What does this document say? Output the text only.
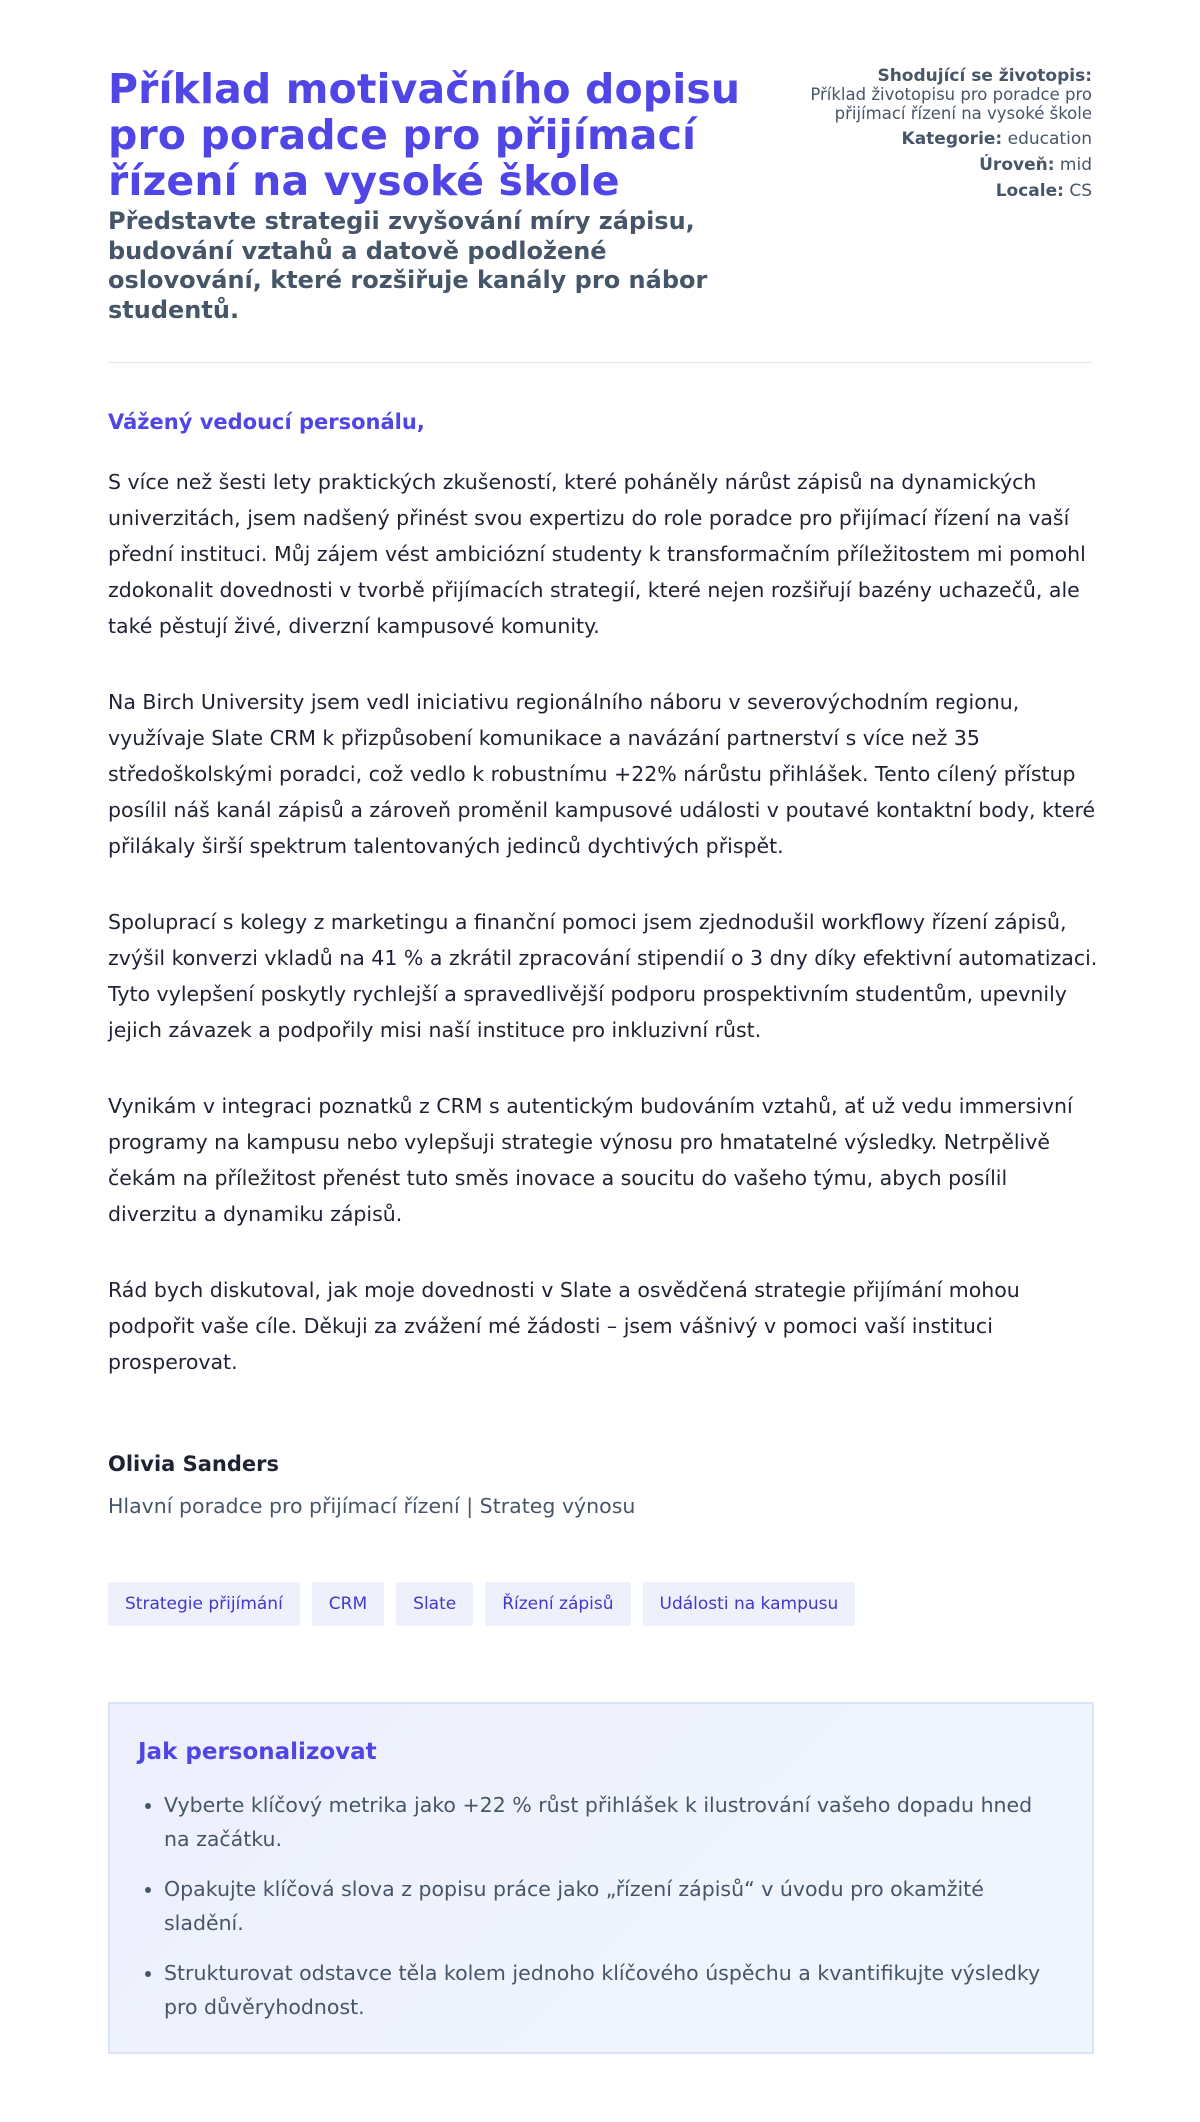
Příklad motivačního dopisu pro poradce pro přijímací řízení na vysoké škole
Představte strategii zvyšování míry zápisu, budování vztahů a datově podložené oslovování, které rozšiřuje kanály pro nábor studentů.
Shodující se životopis:
Příklad životopisu pro poradce pro přijímací řízení na vysoké škole
Kategorie: education
Úroveň: mid
Locale: CS
Vážený vedoucí personálu,

S více než šesti lety praktických zkušeností, které poháněly nárůst zápisů na dynamických univerzitách, jsem nadšený přinést svou expertizu do role poradce pro přijímací řízení na vaší přední instituci. Můj zájem vést ambiciózní studenty k transformačním příležitostem mi pomohl zdokonalit dovednosti v tvorbě přijímacích strategií, které nejen rozšiřují bazény uchazečů, ale také pěstují živé, diverzní kampusové komunity.

Na Birch University jsem vedl iniciativu regionálního náboru v severovýchodním regionu, využívaje Slate CRM k přizpůsobení komunikace a navázání partnerství s více než 35 středoškolskými poradci, což vedlo k robustnímu +22% nárůstu přihlášek. Tento cílený přístup posílil náš kanál zápisů a zároveň proměnil kampusové události v poutavé kontaktní body, které přilákaly širší spektrum talentovaných jedinců dychtivých přispět.

Spoluprací s kolegy z marketingu a finanční pomoci jsem zjednodušil workflowy řízení zápisů, zvýšil konverzi vkladů na 41 % a zkrátil zpracování stipendií o 3 dny díky efektivní automatizaci. Tyto vylepšení poskytly rychlejší a spravedlivější podporu prospektivním studentům, upevnily jejich závazek a podpořily misi naší instituce pro inkluzivní růst.

Vynikám v integraci poznatků z CRM s autentickým budováním vztahů, ať už vedu immersivní programy na kampusu nebo vylepšuji strategie výnosu pro hmatatelné výsledky. Netrpělivě čekám na příležitost přenést tuto směs inovace a soucitu do vašeho týmu, abych posílil diverzitu a dynamiku zápisů.

Rád bych diskutoval, jak moje dovednosti v Slate a osvědčená strategie přijímání mohou podpořit vaše cíle. Děkuji za zvážení mé žádosti – jsem vášnivý v pomoci vaší instituci prosperovat.

Olivia Sanders
Hlavní poradce pro přijímací řízení | Strateg výnosu
Strategie přijímání	CRM	Slate	Řízení zápisů	Události na kampusu
Jak personalizovat
• Vyberte klíčový metrika jako +22 % růst přihlášek k ilustrování vašeho dopadu hned na začátku.
• Opakujte klíčová slova z popisu práce jako „řízení zápisů“ v úvodu pro okamžité sladění.
• Strukturovat odstavce těla kolem jednoho klíčového úspěchu a kvantifikujte výsledky pro důvěryhodnost.
